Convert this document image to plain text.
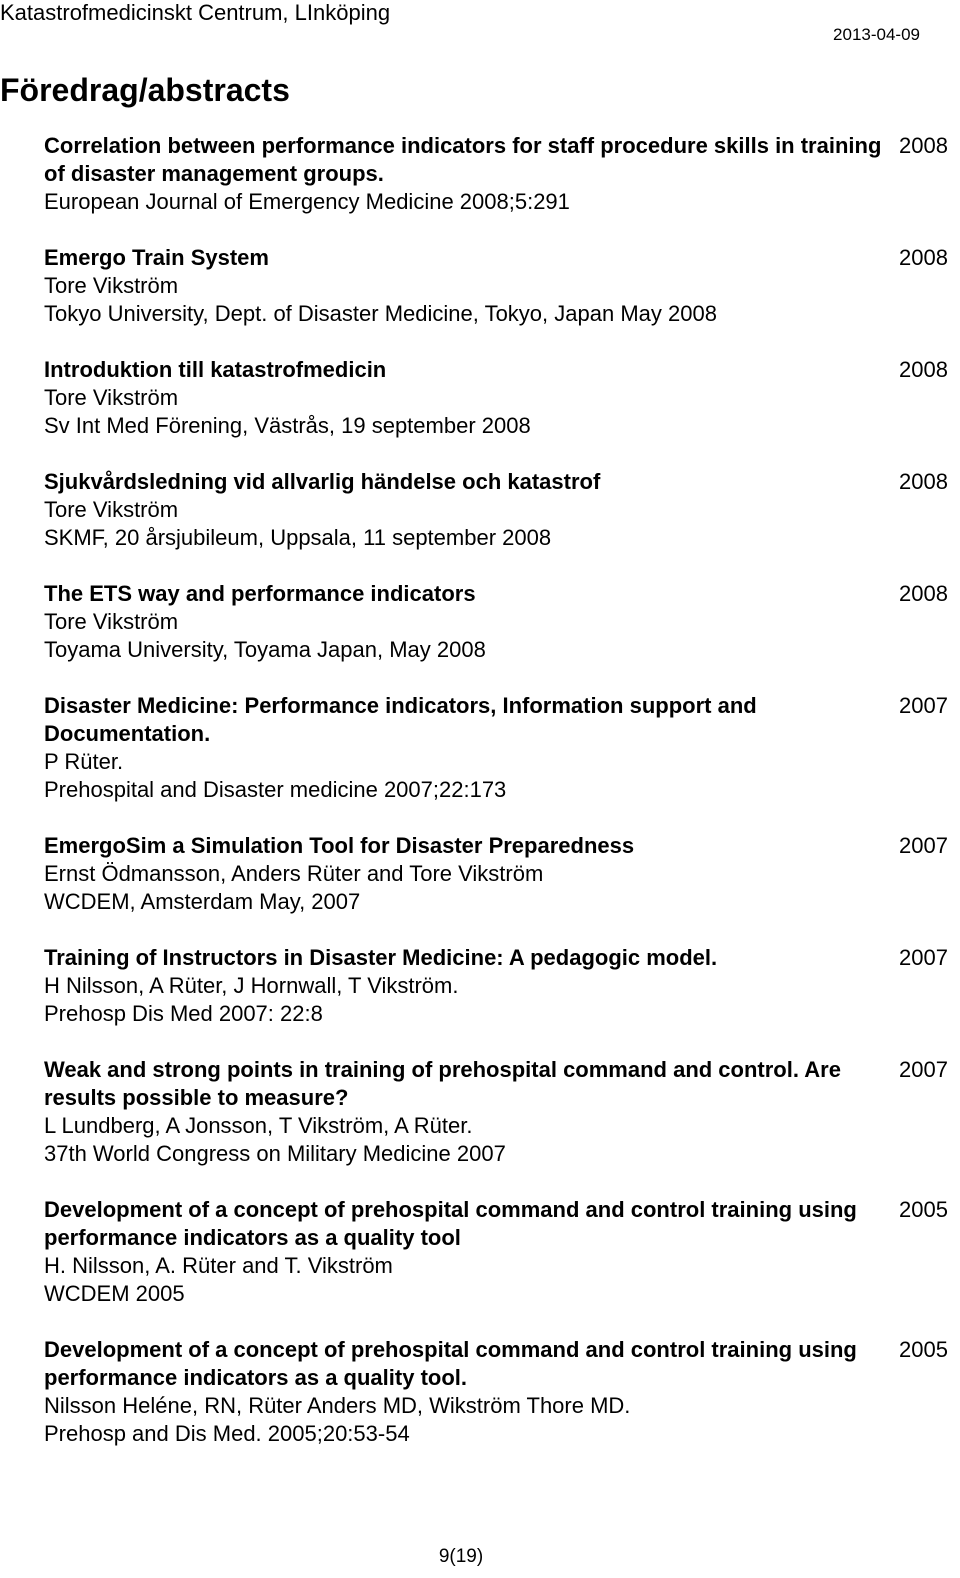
Katastrofmedicinskt Centrum, LInköping
2013-04-09
Föredrag/abstracts

Correlation between performance indicators for staff procedure skills in training of disaster management groups.

European Journal of Emergency Medicine 2008;5:291

2008

Emergo Train System

Tore Vikström

Tokyo University, Dept. of Disaster Medicine, Tokyo, Japan May 2008

2008

Introduktion till katastrofmedicin

Tore Vikström

Sv Int Med Förening, Västrås, 19 september 2008

2008

Sjukvårdsledning vid allvarlig händelse och katastrof

Tore Vikström

SKMF, 20 årsjubileum, Uppsala, 11 september 2008

2008

The ETS way and performance indicators

Tore Vikström

Toyama University, Toyama Japan, May 2008

2008

Disaster Medicine: Performance indicators, Information support and Documentation.

P Rüter.

Prehospital and Disaster medicine 2007;22:173

2007

EmergoSim a Simulation Tool for Disaster Preparedness

Ernst Ödmansson, Anders Rüter and Tore Vikström

WCDEM, Amsterdam May, 2007

2007

Training of Instructors in Disaster Medicine: A pedagogic model.

H Nilsson, A Rüter, J Hornwall, T Vikström.

Prehosp Dis Med 2007: 22:8

2007

Weak and strong points in training of prehospital command and control. Are results possible to measure?

L Lundberg, A Jonsson, T Vikström, A Rüter.

37th World Congress on Military Medicine 2007

2007

Development of a concept of prehospital command and control training using performance indicators as a quality tool

H. Nilsson, A. Rüter and T. Vikström

WCDEM 2005

2005

Development of a concept of prehospital command and control training using performance indicators as a quality tool.

Nilsson Heléne, RN, Rüter Anders MD, Wikström Thore MD.

Prehosp and Dis Med. 2005;20:53-54

2005
9(19)
